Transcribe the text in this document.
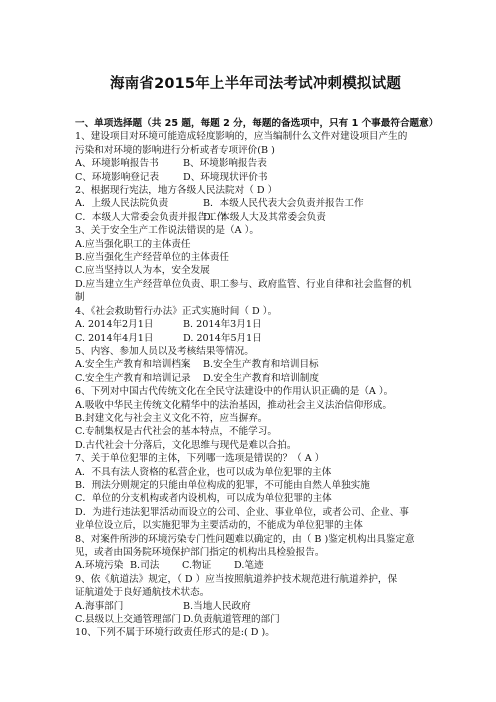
海南省2015年上半年司法考试冲刺模拟试题

一、单项选择题（共 25 题，每题 2 分，每题的备选项中，只有 1 个事最符合题意）

1、建设项目对环境可能造成轻度影响的，应当编制什么文件对建设项目产生的

污染和对环境的影响进行分析或者专项评价(B )

A、环境影响报告书	B、环境影响报告表
C、环境影响登记表	D、环境现状评价书

2、根据现行宪法，地方各级人民法院对（ D ）

A．上级人民法院负责	B．本级人民代表大会负责并报告工作
C．本级人大常委会负责并报告工作
D．本级人大及其常委会负责

3、关于安全生产工作说法错误的是（A ）。

A.应当强化职工的主体责任

B.应当强化生产经营单位的主体责任

C.应当坚持以人为本，安全发展

D.应当建立生产经营单位负责、职工参与、政府监管、行业自律和社会监督的机

制

4、《社会救助暂行办法》正式实施时间（ D ）。

A. 2014年2月1日	B. 2014年3月1日
C. 2014年4月1日	D. 2014年5月1日

5、内容、参加人员以及考核结果等情况。

A.安全生产教育和培训档案	B.安全生产教育和培训目标
C.安全生产教育和培训记录	D.安全生产教育和培训制度

6、下列对中国古代传统文化在全民守法建设中的作用认识正确的是（A ）。

A.吸收中华民主传统文化精华中的法治基因，推动社会主义法治信仰形成。

B.封建文化与社会主义文化不符，应当摒弃。

C.专制集权是古代社会的基本特点，不能学习。

D.古代社会十分落后，文化思维与现代是难以合拍。

7、关于单位犯罪的主体，下列哪一选项是错误的？（ A ）

A．不具有法人资格的私营企业，也可以成为单位犯罪的主体

B．刑法分则规定的只能由单位构成的犯罪，不可能由自然人单独实施

C．单位的分支机构或者内设机构，可以成为单位犯罪的主体

D．为进行违法犯罪活动而设立的公司、企业、事业单位，或者公司、企业、事

业单位设立后，以实施犯罪为主要活动的，不能成为单位犯罪的主体

8、对案件所涉的环境污染专门性问题难以确定的，由（ B )鉴定机构出具鉴定意

见，或者由国务院环境保护部门指定的机构出具检验报告。

A.环境污染 B.司法	C.物证	D.笔迹

9、依《航道法》规定，（ D ）应当按照航道养护技术规范进行航道养护，保

证航道处于良好通航技术状态。

A.海事部门	B.当地人民政府
C.县级以上交通管理部门 D.负责航道管理的部门

10、下列不属于环境行政责任形式的是:( D )。
